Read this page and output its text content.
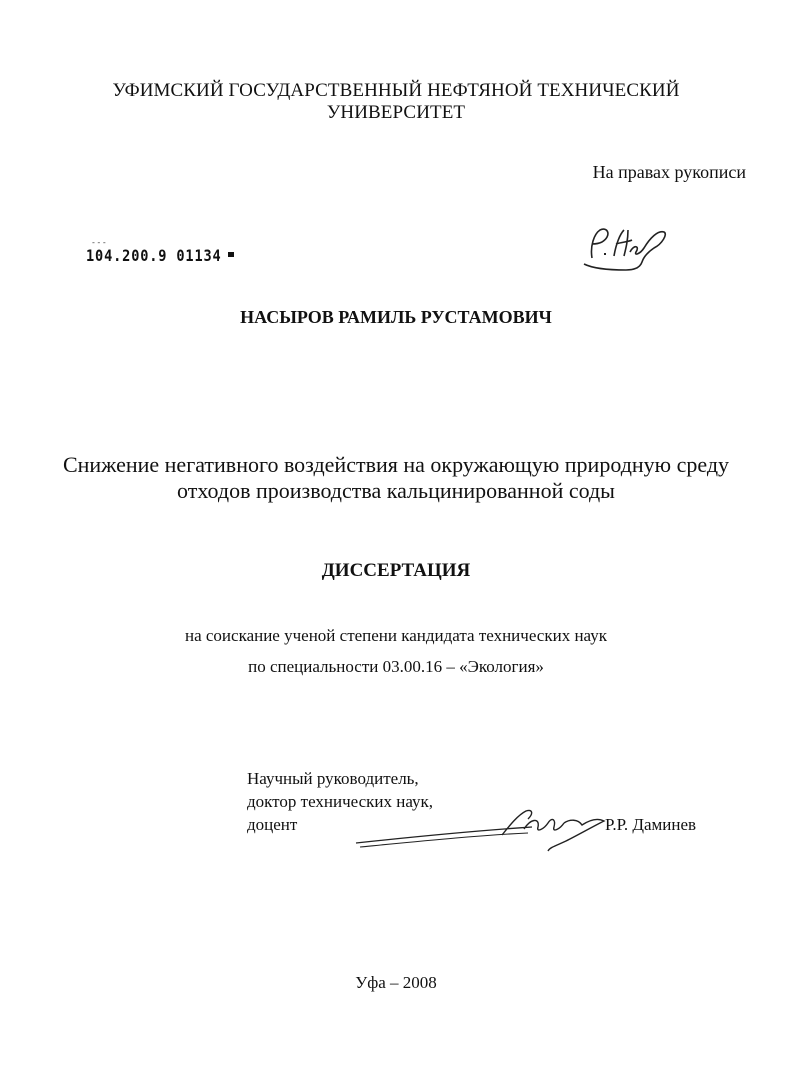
УФИМСКИЙ ГОСУДАРСТВЕННЫЙ НЕФТЯНОЙ ТЕХНИЧЕСКИЙ
УНИВЕРСИТЕТ
На правах рукописи
- - -
104.200.9 01134
НАСЫРОВ РАМИЛЬ РУСТАМОВИЧ
Снижение негативного воздействия на окружающую природную среду
отходов производства кальцинированной соды
ДИССЕРТАЦИЯ
на соискание ученой степени кандидата технических наук
по специальности 03.00.16 – «Экология»
Научный руководитель,
доктор технических наук,
доцент	Р.Р. Даминев
Уфа – 2008
